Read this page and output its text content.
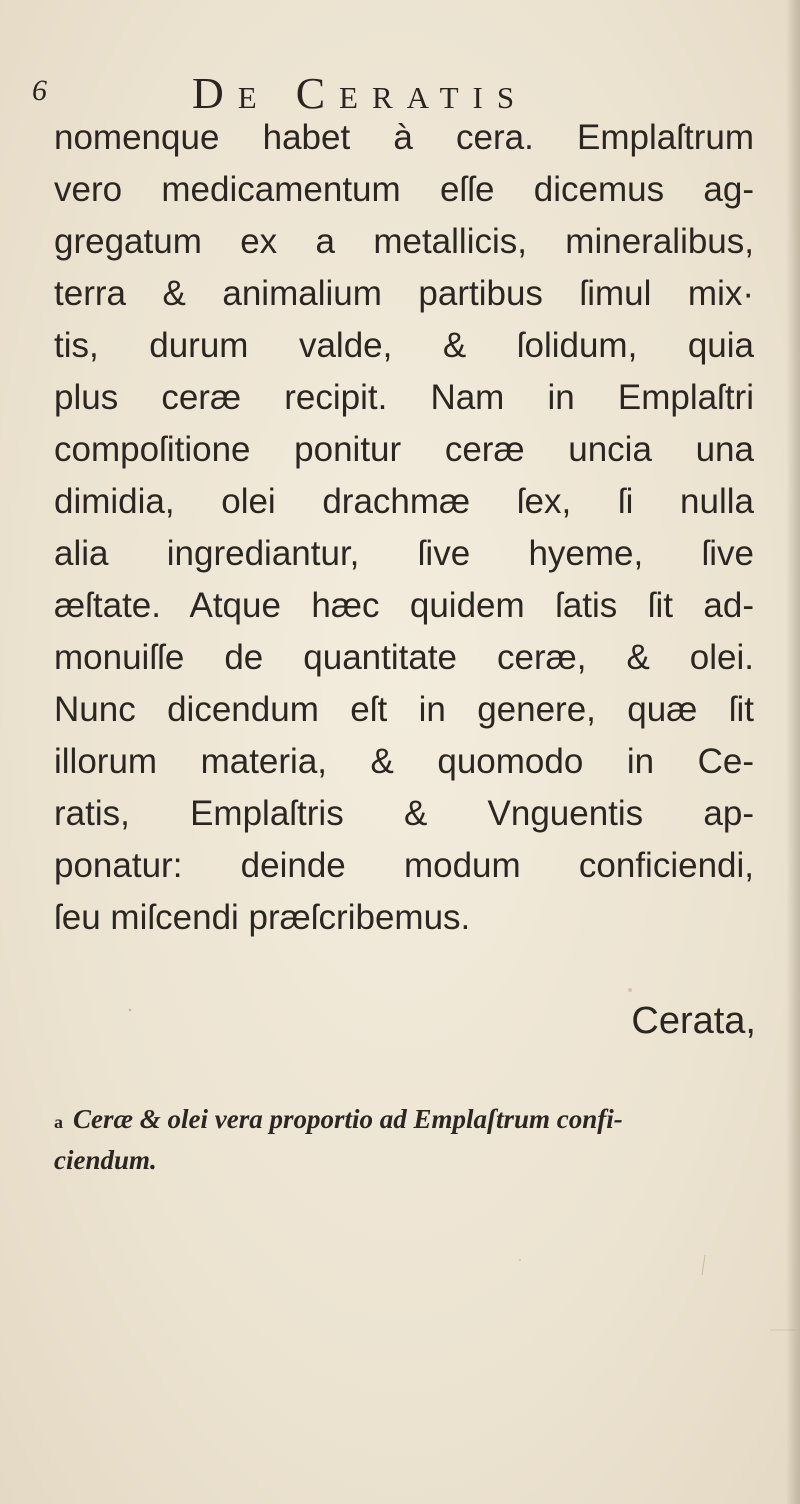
6	De Ceratis
nomenque habet à cera. Emplaſtrum
vero medicamentum eſſe dicemus ag-
gregatum ex a metallicis, mineralibus,
terra & animalium partibus ſimul mix·
tis, durum valde, & ſolidum, quia
plus ceræ recipit. Nam in Emplaſtri
compoſitione ponitur ceræ uncia una
dimidia, olei drachmæ ſex, ſi nulla
alia ingrediantur, ſive hyeme, ſive
æſtate. Atque hæc quidem ſatis ſit ad-
monuiſſe de quantitate ceræ, & olei.
Nunc dicendum eſt in genere, quæ ſit
illorum materia, & quomodo in Ce-
ratis, Emplaſtris & Vnguentis ap-
ponatur: deinde modum conficiendi,
ſeu miſcendi præſcribemus.
Cerata,
a Ceræ & olei vera proportio ad Emplaſtrum confi-
ciendum.
